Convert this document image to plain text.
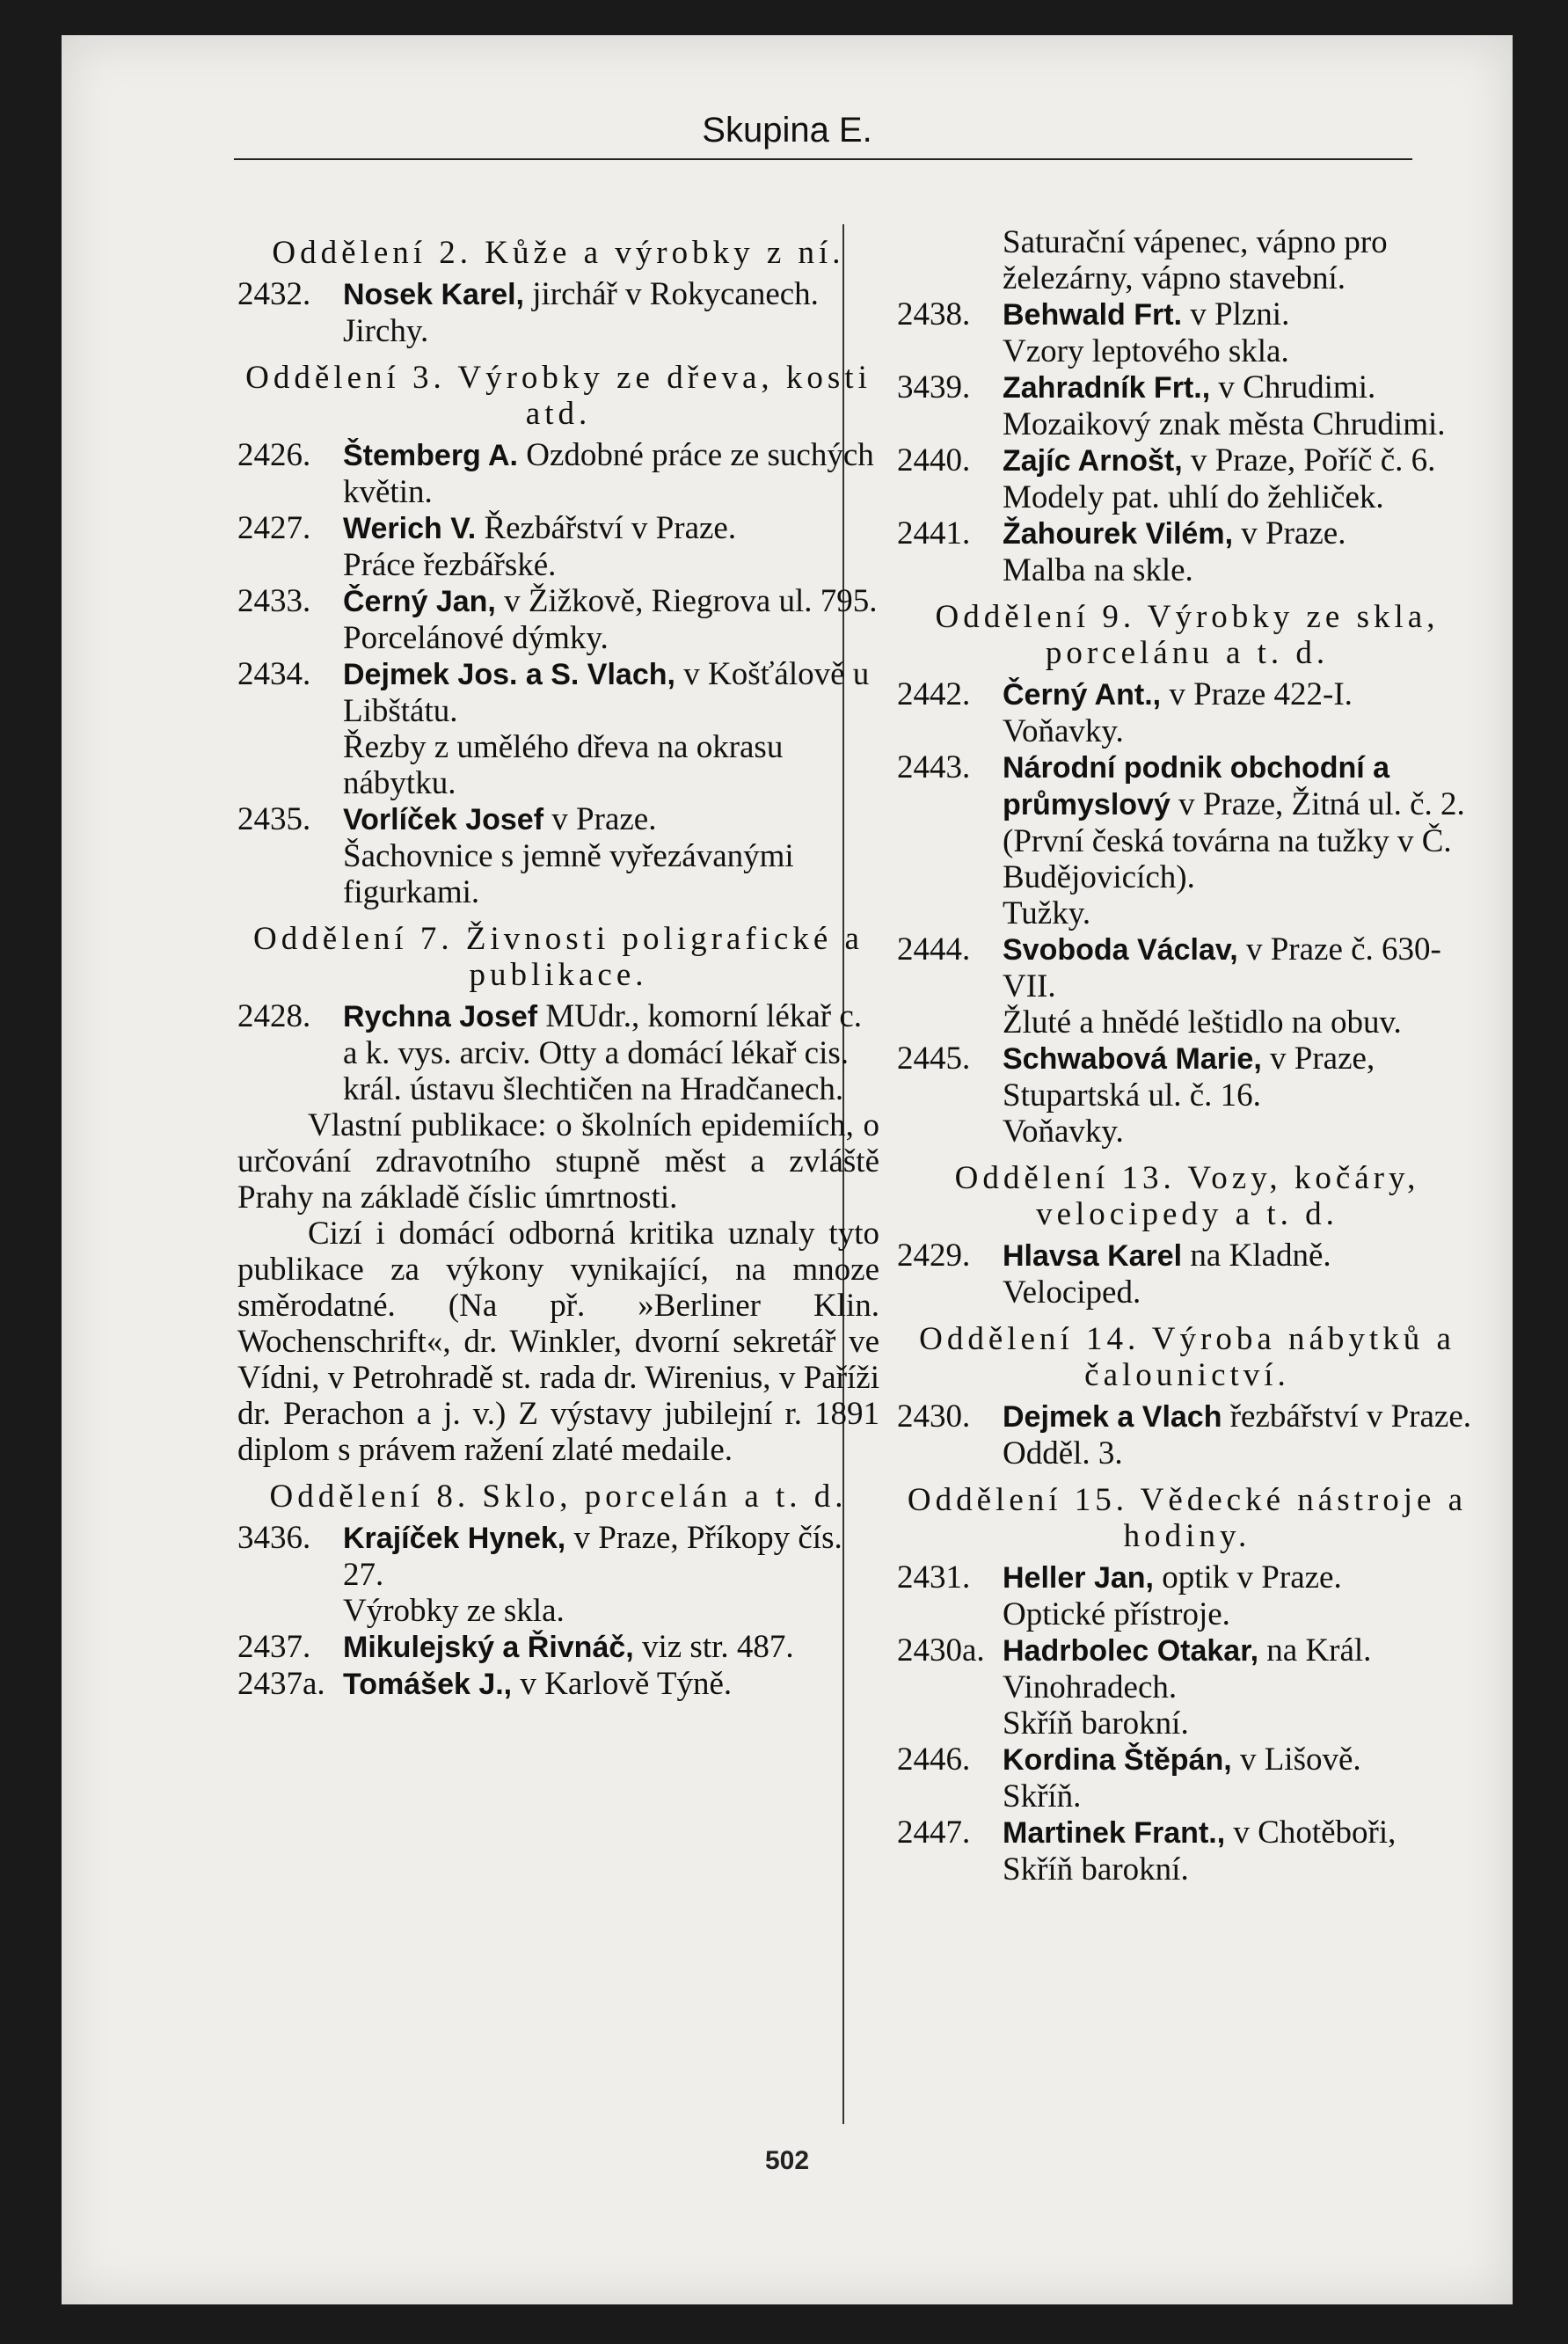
Skupina E.
Oddělení 2. Kůže a výrobky z ní.
2432. Nosek Karel, jirchář v Rokycanech.
Jirchy.
Oddělení 3. Výrobky ze dřeva, kosti atd.
2426. Štemberg A. Ozdobné práce ze suchých květin.
2427. Werich V. Řezbářství v Praze.
Práce řezbářské.
2433. Černý Jan, v Žižkově, Riegrova ul. 795.
Porcelánové dýmky.
2434. Dejmek Jos. a S. Vlach, v Košťálově u Libštátu.
Řezby z umělého dřeva na okrasu nábytku.
2435. Vorlíček Josef v Praze.
Šachovnice s jemně vyřezávanými figurkami.
Oddělení 7. Živnosti poligrafické a publikace.
2428. Rychna Josef MUdr., komorní lékař c. a k. vys. arciv. Otty a domácí lékař cis. král. ústavu šlechtičen na Hradčanech.
Vlastní publikace: o školních epidemiích, o určování zdravotního stupně měst a zvláště Prahy na základě číslic úmrtnosti.
Cizí i domácí odborná kritika uznaly tyto publikace za výkony vynikající, na mnoze směrodatné. (Na př. »Berliner Klin. Wochenschrift«, dr. Winkler, dvorní sekretář ve Vídni, v Petrohradě st. rada dr. Wirenius, v Paříži dr. Perachon a j. v.) Z výstavy jubilejní r. 1891 diplom s právem ražení zlaté medaile.
Oddělení 8. Sklo, porcelán a t. d.
3436. Krajíček Hynek, v Praze, Příkopy čís. 27.
Výrobky ze skla.
2437. Mikulejský a Řivnáč, viz str. 487.
2437a. Tomášek J., v Karlově Týně.
Saturační vápenec, vápno pro železárny, vápno stavební.
2438. Behwald Frt. v Plzni.
Vzory leptového skla.
3439. Zahradník Frt., v Chrudimi.
Mozaikový znak města Chrudimi.
2440. Zajíc Arnošt, v Praze, Poříč č. 6.
Modely pat. uhlí do žehliček.
2441. Žahourek Vilém, v Praze.
Malba na skle.
Oddělení 9. Výrobky ze skla, porcelánu a t. d.
2442. Černý Ant., v Praze 422-I.
Voňavky.
2443. Národní podnik obchodní a průmyslový v Praze, Žitná ul. č. 2.
(První česká továrna na tužky v Č. Budějovicích).
Tužky.
2444. Svoboda Václav, v Praze č. 630-VII.
Žluté a hnědé leštidlo na obuv.
2445. Schwabová Marie, v Praze, Stupartská ul. č. 16.
Voňavky.
Oddělení 13. Vozy, kočáry, velocipedy a t. d.
2429. Hlavsa Karel na Kladně.
Velociped.
Oddělení 14. Výroba nábytků a čalounictví.
2430. Dejmek a Vlach řezbářství v Praze. Odděl. 3.
Oddělení 15. Vědecké nástroje a hodiny.
2431. Heller Jan, optik v Praze.
Optické přístroje.
2430a. Hadrbolec Otakar, na Král. Vinohradech.
Skříň barokní.
2446. Kordina Štěpán, v Lišově.
Skříň.
2447. Martinek Frant., v Chotěboři,
Skříň barokní.
502
